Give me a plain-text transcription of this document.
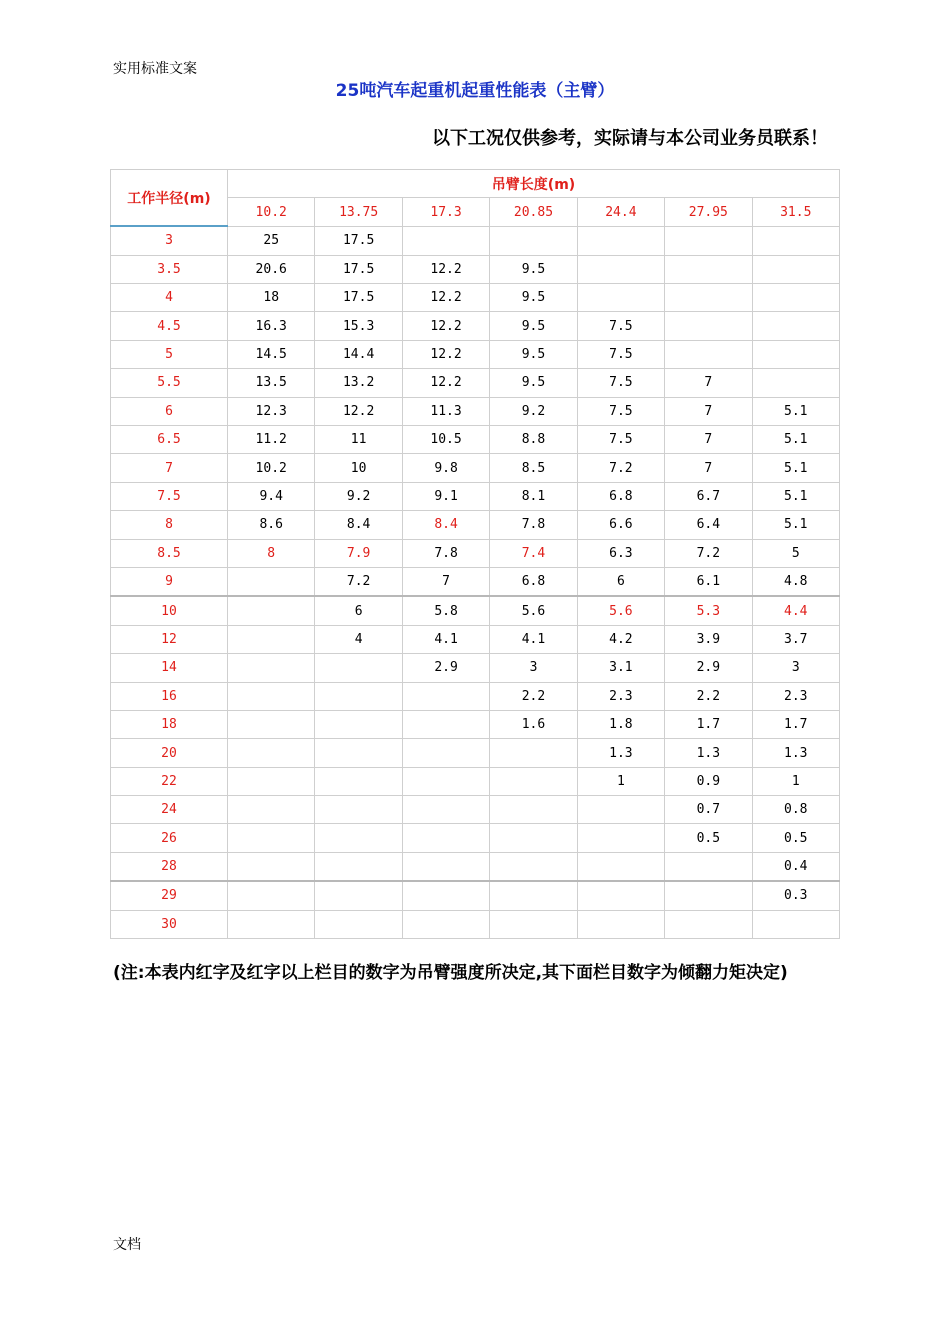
实用标准文案
25吨汽车起重机起重性能表（主臂）
以下工况仅供参考，实际请与本公司业务员联系！
工作半径(m)	吊臂长度(m)						
	10.2	13.75	17.3	20.85	24.4	27.95	31.5
3	25	17.5					
3.5	20.6	17.5	12.2	9.5			
4	18	17.5	12.2	9.5			
4.5	16.3	15.3	12.2	9.5	7.5		
5	14.5	14.4	12.2	9.5	7.5		
5.5	13.5	13.2	12.2	9.5	7.5	7	
6	12.3	12.2	11.3	9.2	7.5	7	5.1
6.5	11.2	11	10.5	8.8	7.5	7	5.1
7	10.2	10	9.8	8.5	7.2	7	5.1
7.5	9.4	9.2	9.1	8.1	6.8	6.7	5.1
8	8.6	8.4	8.4	7.8	6.6	6.4	5.1
8.5	8	7.9	7.8	7.4	6.3	7.2	5
9		7.2	7	6.8	6	6.1	4.8
10		6	5.8	5.6	5.6	5.3	4.4
12		4	4.1	4.1	4.2	3.9	3.7
14			2.9	3	3.1	2.9	3
16				2.2	2.3	2.2	2.3
18				1.6	1.8	1.7	1.7
20					1.3	1.3	1.3
22					1	0.9	1
24						0.7	0.8
26						0.5	0.5
28							0.4
29							0.3
30							
(注:本表内红字及红字以上栏目的数字为吊臂强度所决定,其下面栏目数字为倾翻力矩决定)
文档
